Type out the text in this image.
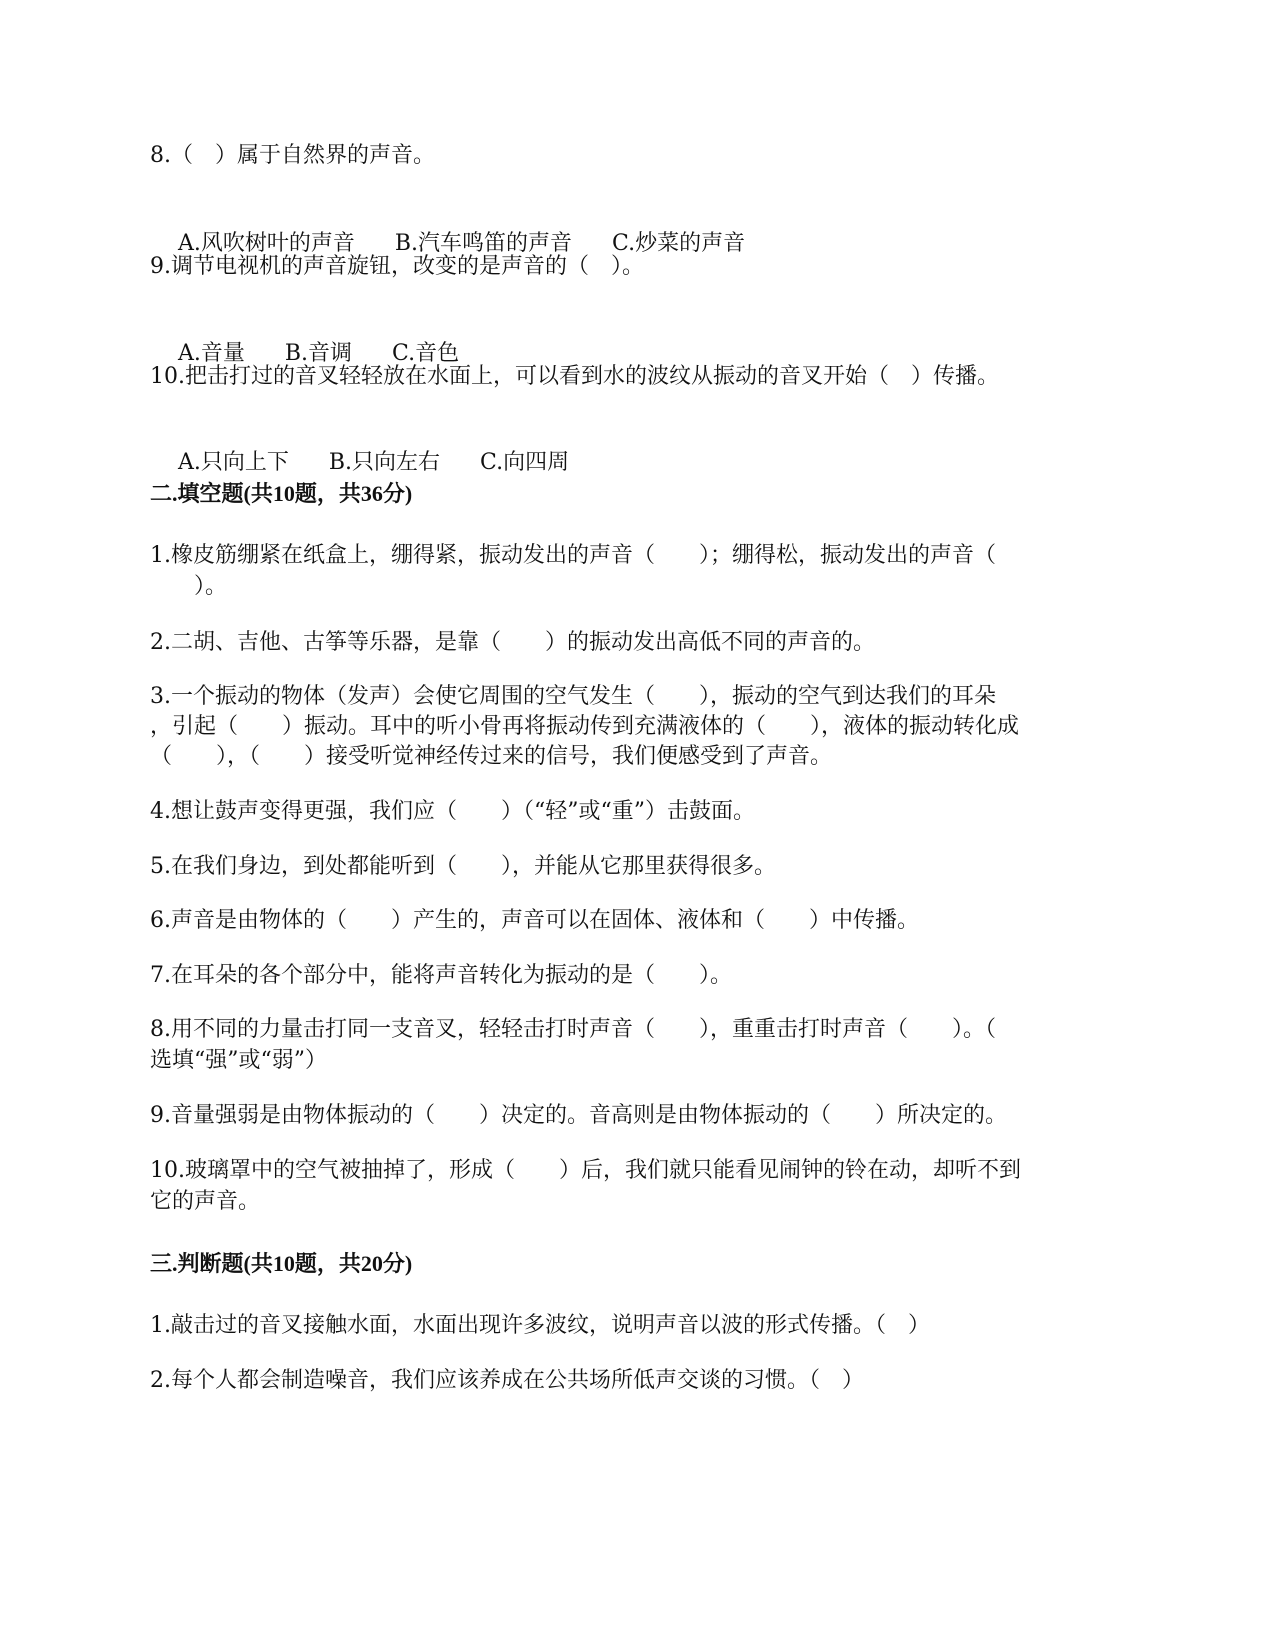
8.（　）属于自然界的声音。

A.风吹树叶的声音 B.汽车鸣笛的声音 C.炒菜的声音

9.调节电视机的声音旋钮，改变的是声音的（　）。

A.音量 B.音调 C.音色

10.把击打过的音叉轻轻放在水面上，可以看到水的波纹从振动的音叉开始（　）传播。

A.只向上下 B.只向左右 C.向四周

二.填空题(共10题，共36分)
1.橡皮筋绷紧在纸盒上，绷得紧，振动发出的声音（　　）；绷得松，振动发出的声音（
　　）。
2.二胡、吉他、古筝等乐器，是靠（　　）的振动发出高低不同的声音的。
3.一个振动的物体（发声）会使它周围的空气发生（　　），振动的空气到达我们的耳朵
，引起（　　）振动。耳中的听小骨再将振动传到充满液体的（　　），液体的振动转化成
（　　），（　　）接受听觉神经传过来的信号，我们便感受到了声音。
4.想让鼓声变得更强，我们应（　　）（“轻”或“重”）击鼓面。
5.在我们身边，到处都能听到（　　），并能从它那里获得很多。
6.声音是由物体的（　　）产生的，声音可以在固体、液体和（　　）中传播。
7.在耳朵的各个部分中，能将声音转化为振动的是（　　）。
8.用不同的力量击打同一支音叉，轻轻击打时声音（　　），重重击打时声音（　　）。（
选填“强”或“弱”）
9.音量强弱是由物体振动的（　　）决定的。音高则是由物体振动的（　　）所决定的。
10.玻璃罩中的空气被抽掉了，形成（　　）后，我们就只能看见闹钟的铃在动，却听不到
它的声音。
三.判断题(共10题，共20分)
1.敲击过的音叉接触水面，水面出现许多波纹，说明声音以波的形式传播。（　）
2.每个人都会制造噪音，我们应该养成在公共场所低声交谈的习惯。（　）
